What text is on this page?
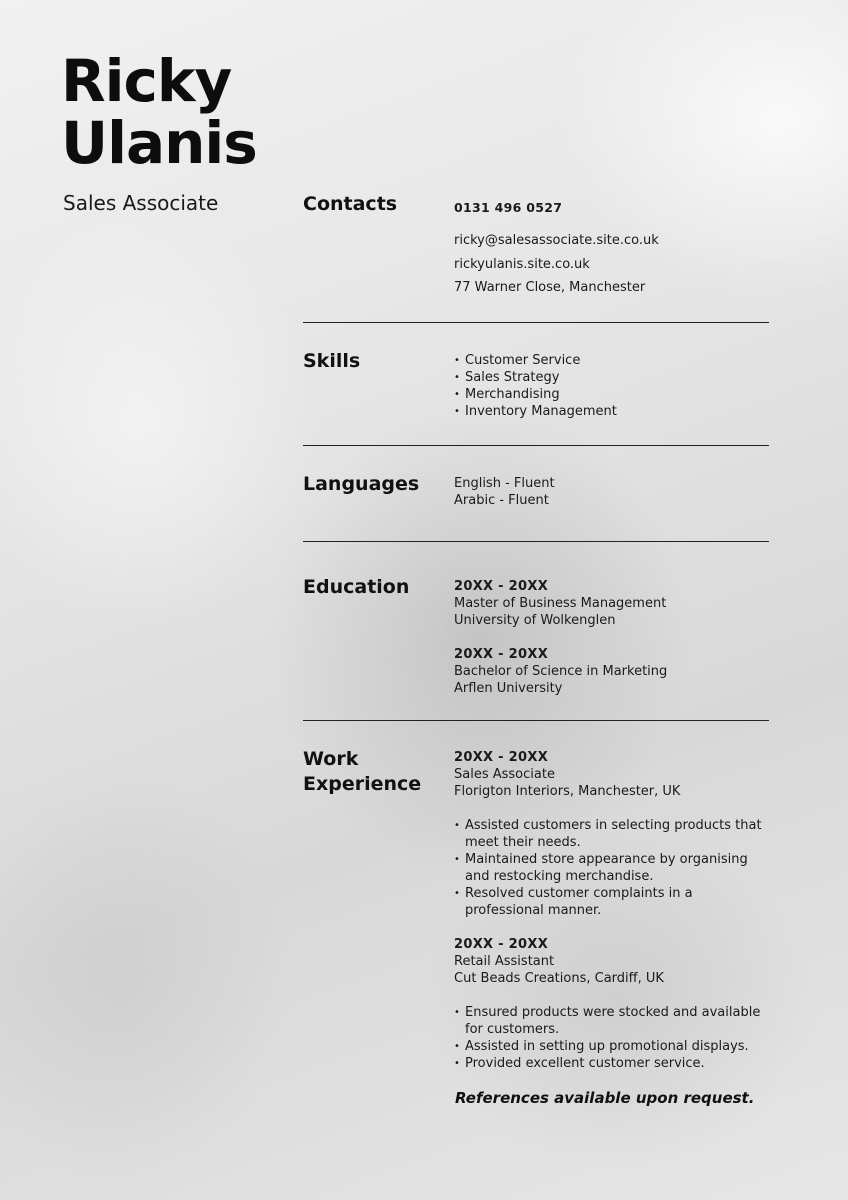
Ricky
Ulanis

Sales Associate	Contacts	0131 496 0527
ricky@salesassociate.site.co.uk
rickyulanis.site.co.uk
77 Warner Close, Manchester
Skills
•	Customer Service
• Sales Strategy
• Merchandising
• Inventory Management
Languages	English - Fluent
Arabic - Fluent
Education	20XX - 20XX
Master of Business Management
University of Wolkenglen
20XX - 20XX
Bachelor of Science in Marketing
Arflen University
Work
Experience
20XX - 20XX
Sales Associate
Florigton Interiors, Manchester, UK
• Assisted customers in selecting products that meet their needs.
• Maintained store appearance by organising and restocking merchandise.
• Resolved customer complaints in a professional manner.
20XX - 20XX
Retail Assistant
Cut Beads Creations, Cardiff, UK
• Ensured products were stocked and available for customers.
• Assisted in setting up promotional displays.
• Provided excellent customer service.

References available upon request.
